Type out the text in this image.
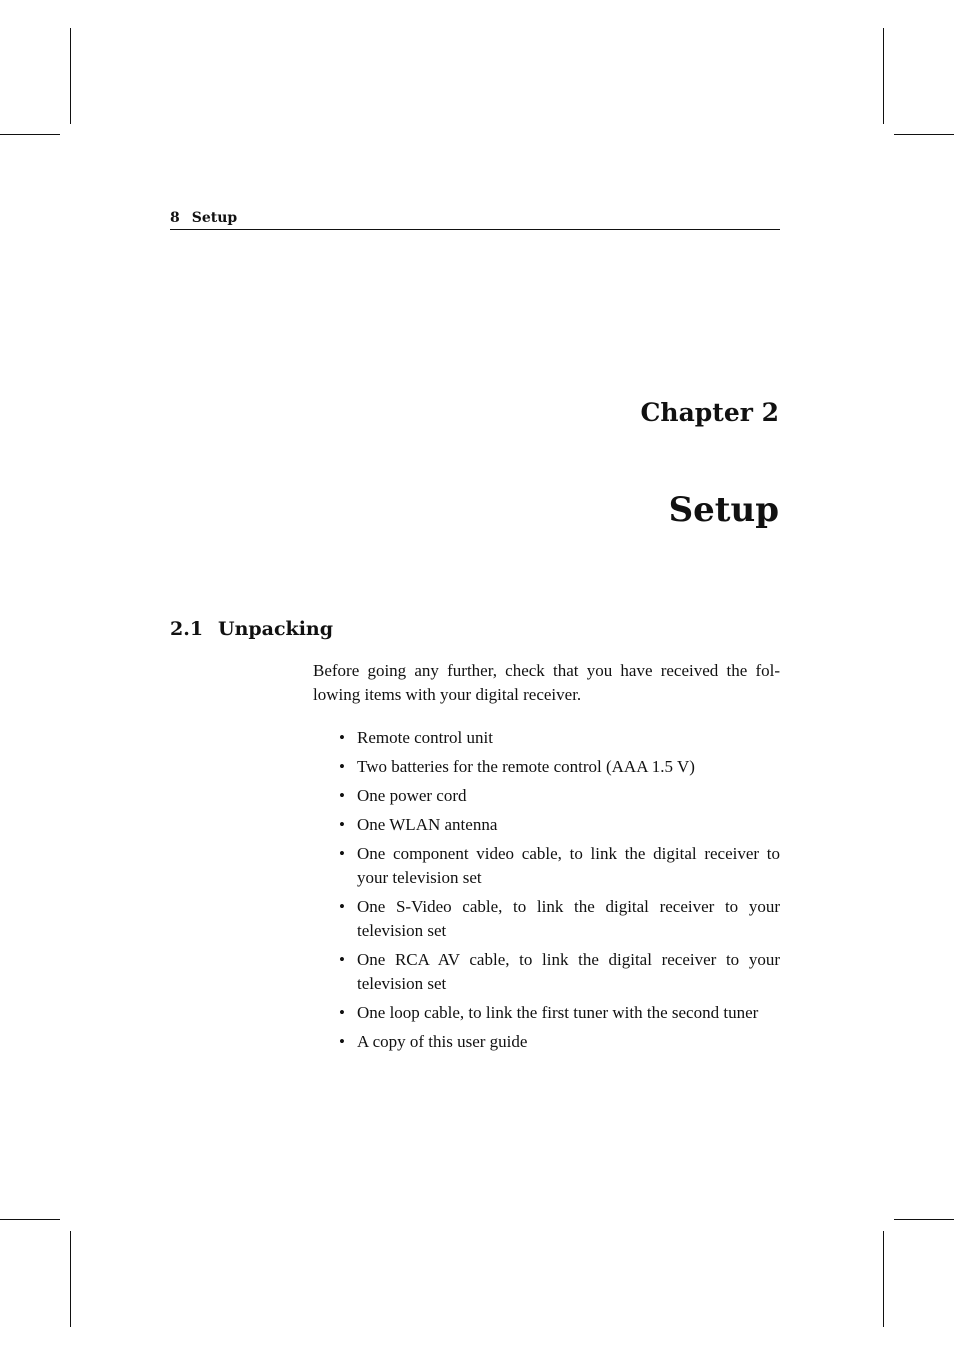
8 Setup
Chapter 2
Setup
2.1 Unpacking

Before going any further, check that you have received the fol-
lowing items with your digital receiver.

• Remote control unit
• Two batteries for the remote control (AAA 1.5 V)
• One power cord
• One WLAN antenna
• One component video cable, to link the digital receiver to your television set
• One S-Video cable, to link the digital receiver to your television set
• One RCA AV cable, to link the digital receiver to your television set
• One loop cable, to link the first tuner with the second tuner
• A copy of this user guide
